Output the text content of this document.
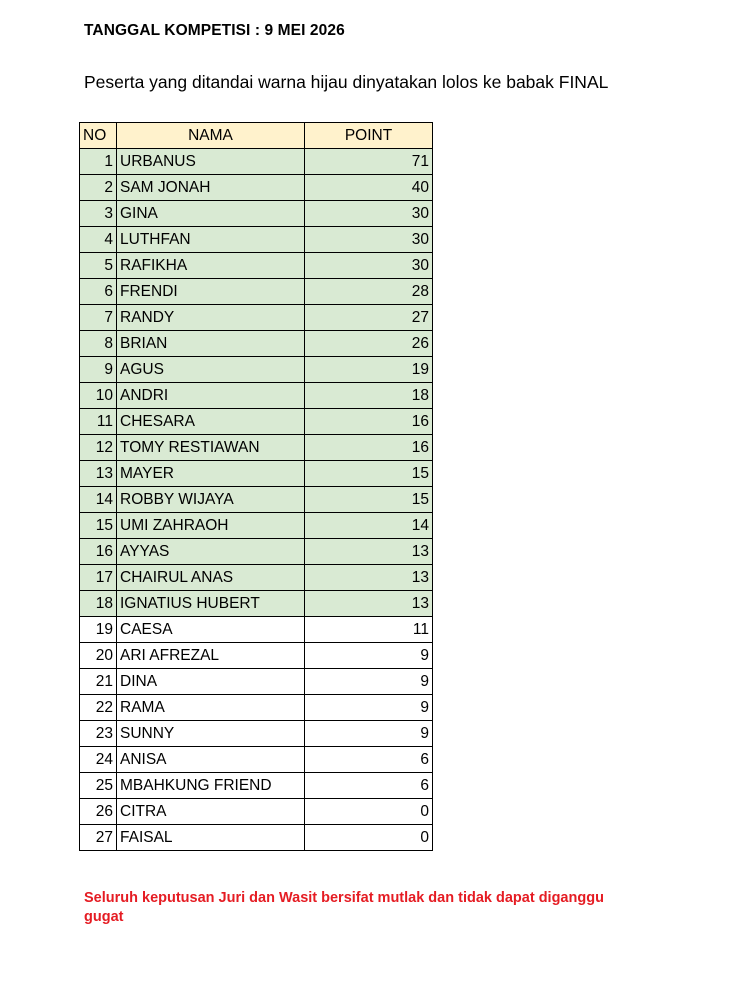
TANGGAL KOMPETISI : 9 MEI 2026
Peserta yang ditandai warna hijau dinyatakan lolos ke babak FINAL
NO	NAMA	POINT
1	URBANUS	71
2	SAM JONAH	40
3	GINA	30
4	LUTHFAN	30
5	RAFIKHA	30
6	FRENDI	28
7	RANDY	27
8	BRIAN	26
9	AGUS	19
10	ANDRI	18
11	CHESARA	16
12	TOMY RESTIAWAN	16
13	MAYER	15
14	ROBBY WIJAYA	15
15	UMI ZAHRAOH	14
16	AYYAS	13
17	CHAIRUL ANAS	13
18	IGNATIUS HUBERT	13
19	CAESA	11
20	ARI AFREZAL	9
21	DINA	9
22	RAMA	9
23	SUNNY	9
24	ANISA	6
25	MBAHKUNG FRIEND	6
26	CITRA	0
27	FAISAL	0
Seluruh keputusan Juri dan Wasit bersifat mutlak dan tidak dapat diganggu gugat
